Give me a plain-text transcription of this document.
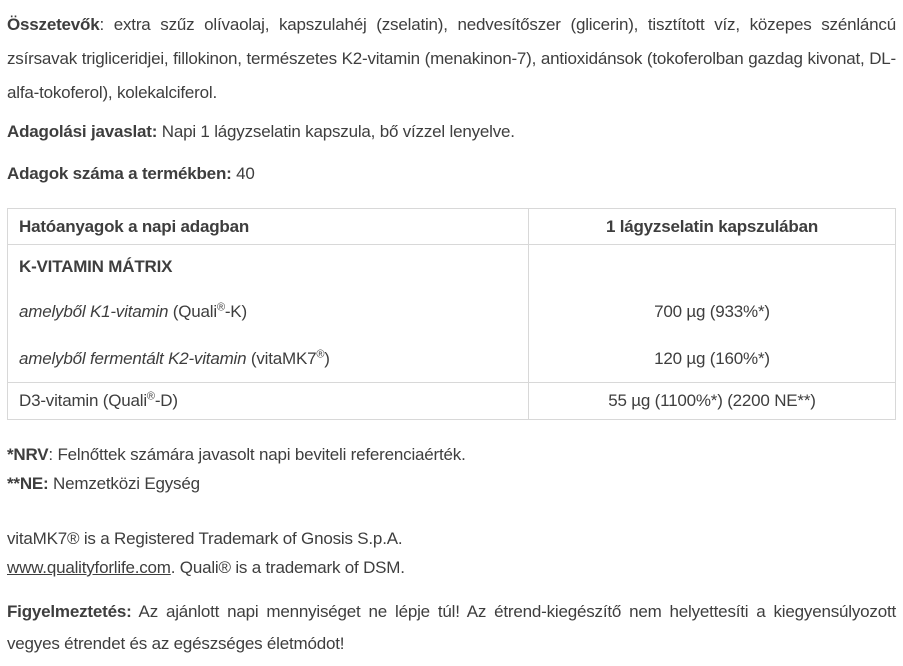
Összetevők: extra szűz olívaolaj, kapszulahéj (zselatin), nedvesítőszer (glicerin), tisztított víz, közepes szénláncú zsírsavak trigliceridjei, fillokinon, természetes K2-vitamin (menakinon-7), antioxidánsok (tokoferolban gazdag kivonat, DL-alfa-tokoferol), kolekalciferol.

Adagolási javaslat: Napi 1 lágyzselatin kapszula, bő vízzel lenyelve.

Adagok száma a termékben: 40

Hatóanyagok a napi adagban	1 lágyzselatin kapszulában
K-VITAMIN MÁTRIX	
amelyből K1-vitamin (Quali®-K)	700 µg (933%*)
amelyből fermentált K2-vitamin (vitaMK7®)	120 µg (160%*)
D3-vitamin (Quali®-D)	55 µg (1100%*) (2200 NE**)

*NRV: Felnőttek számára javasolt napi beviteli referenciaérték.

**NE: Nemzetközi Egység

vitaMK7® is a Registered Trademark of Gnosis S.p.A.

www.qualityforlife.com. Quali® is a trademark of DSM.

Figyelmeztetés: Az ajánlott napi mennyiséget ne lépje túl! Az étrend-kiegészítő nem helyettesíti a kiegyensúlyozott vegyes étrendet és az egészséges életmódot!
